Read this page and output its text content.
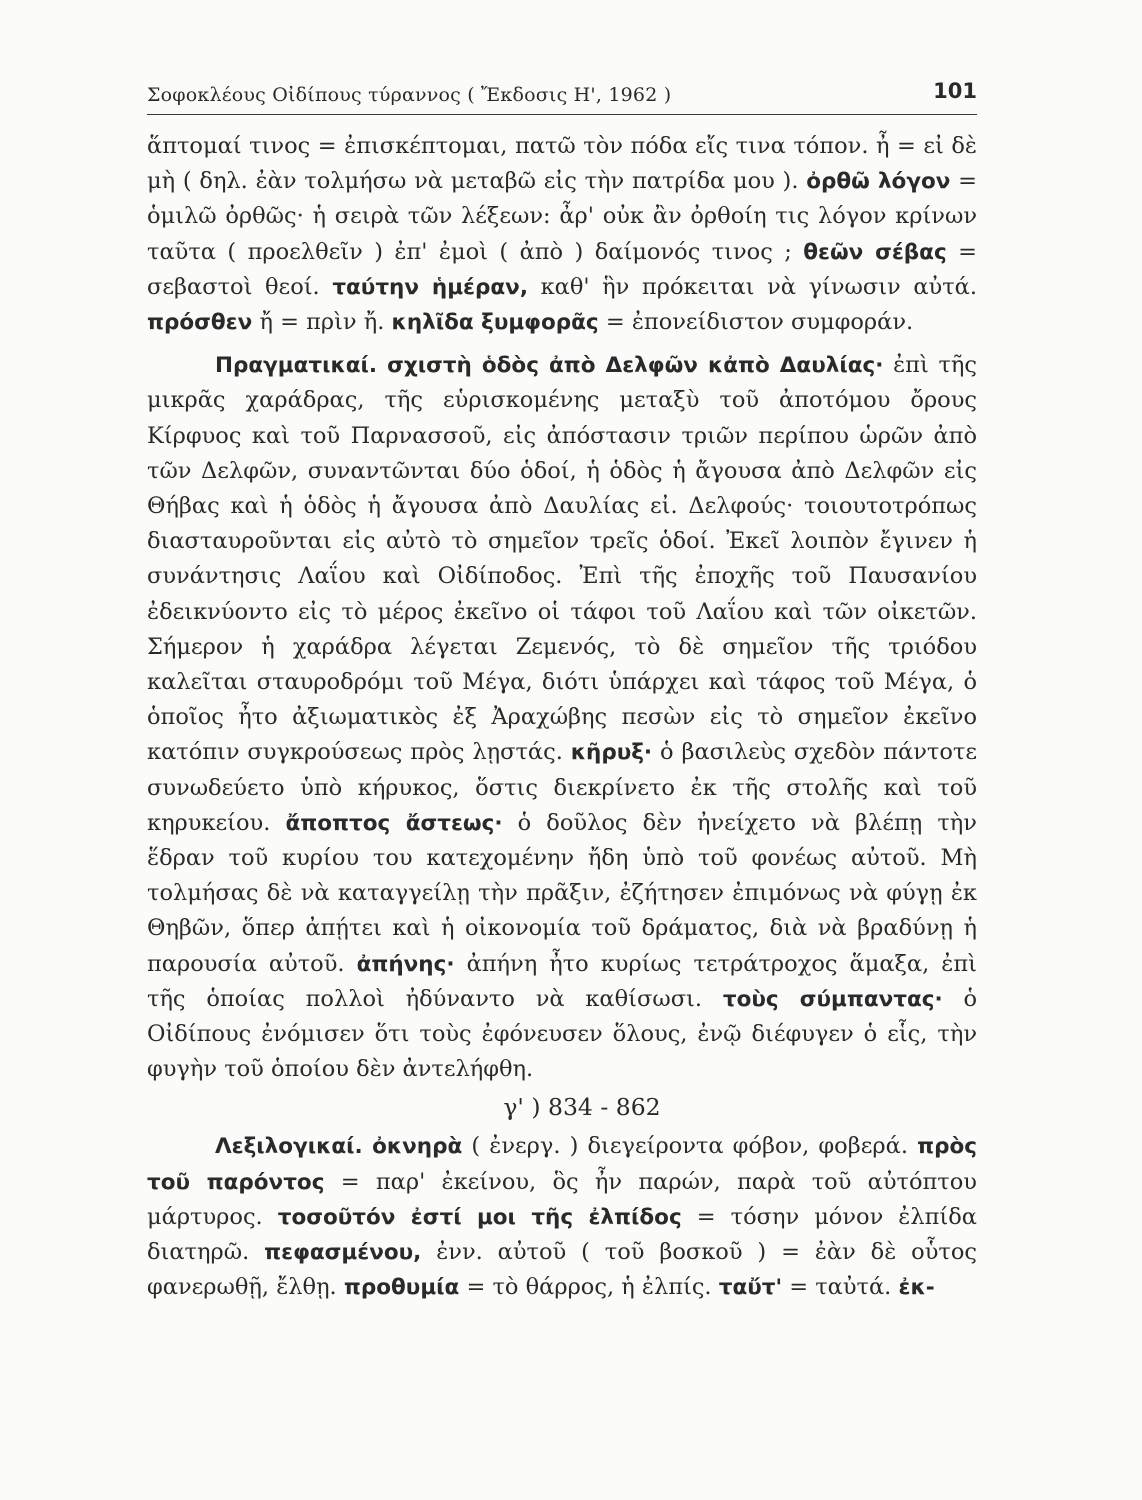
Σοφοκλέους Οἰδίπους τύραννος ( Ἔκδοσις Η', 1962 )	101

ἅπτομαί τινος = ἐπισκέπτομαι, πατῶ τὸν πόδα εἴς τινα τόπον. ἦ = εἰ δὲ μὴ ( δηλ. ἐὰν τολμήσω νὰ μεταβῶ εἰς τὴν πατρίδα μου ). ὀρθῶ λόγον = ὁμιλῶ ὀρθῶς· ἡ σειρὰ τῶν λέξεων: ἆρ' οὐκ ἂν ὀρθοίη τις λόγον κρίνων ταῦτα ( προελθεῖν ) ἐπ' ἐμοὶ ( ἀπὸ ) δαίμονός τινος ; θεῶν σέβας = σεβαστοὶ θεοί. ταύτην ἡμέραν, καθ' ἣν πρόκειται νὰ γίνωσιν αὐτά. πρόσθεν ἤ = πρὶν ἤ. κηλῖδα ξυμφορᾶς = ἐπονείδιστον συμφοράν.

Πραγματικαί. σχιστὴ ὁδὸς ἀπὸ Δελφῶν κἀπὸ Δαυλίας· ἐπὶ τῆς μικρᾶς χαράδρας, τῆς εὑρισκομένης μεταξὺ τοῦ ἀποτόμου ὄρους Κίρφυος καὶ τοῦ Παρνασσοῦ, εἰς ἀπόστασιν τριῶν περίπου ὡρῶν ἀπὸ τῶν Δελφῶν, συναντῶνται δύο ὁδοί, ἡ ὁδὸς ἡ ἄγουσα ἀπὸ Δελφῶν εἰς Θήβας καὶ ἡ ὁδὸς ἡ ἄγουσα ἀπὸ Δαυλίας εἰ. Δελφούς· τοιουτοτρόπως διασταυροῦνται εἰς αὐτὸ τὸ σημεῖον τρεῖς ὁδοί. Ἐκεῖ λοιπὸν ἔγινεν ἡ συνάντησις Λαΐου καὶ Οἰδίποδος. Ἐπὶ τῆς ἐποχῆς τοῦ Παυσανίου ἐδεικνύοντο εἰς τὸ μέρος ἐκεῖνο οἱ τάφοι τοῦ Λαΐου καὶ τῶν οἰκετῶν. Σήμερον ἡ χαράδρα λέγεται Ζεμενός, τὸ δὲ σημεῖον τῆς τριόδου καλεῖται σταυροδρόμι τοῦ Μέγα, διότι ὑπάρχει καὶ τάφος τοῦ Μέγα, ὁ ὁποῖος ἦτο ἀξιωματικὸς ἐξ Ἀραχώβης πεσὼν εἰς τὸ σημεῖον ἐκεῖνο κατόπιν συγκρούσεως πρὸς λῃστάς. κῆρυξ· ὁ βασιλεὺς σχεδὸν πάντοτε συνωδεύετο ὑπὸ κήρυκος, ὅστις διεκρίνετο ἐκ τῆς στολῆς καὶ τοῦ κηρυκείου. ἄποπτος ἄστεως· ὁ δοῦλος δὲν ἠνείχετο νὰ βλέπῃ τὴν ἕδραν τοῦ κυρίου του κατεχομένην ἤδη ὑπὸ τοῦ φονέως αὐτοῦ. Μὴ τολμήσας δὲ νὰ καταγγείλῃ τὴν πρᾶξιν, ἐζήτησεν ἐπιμόνως νὰ φύγῃ ἐκ Θηβῶν, ὅπερ ἀπῄτει καὶ ἡ οἰκονομία τοῦ δράματος, διὰ νὰ βραδύνῃ ἡ παρουσία αὐτοῦ. ἀπήνης· ἀπήνη ἦτο κυρίως τετράτροχος ἅμαξα, ἐπὶ τῆς ὁποίας πολλοὶ ἠδύναντο νὰ καθίσωσι. τοὺς σύμπαντας· ὁ Οἰδίπους ἐνόμισεν ὅτι τοὺς ἐφόνευσεν ὅλους, ἐνῷ διέφυγεν ὁ εἷς, τὴν φυγὴν τοῦ ὁποίου δὲν ἀντελήφθη.

γ' ) 834 - 862

Λεξιλογικαί. ὀκνηρὰ ( ἐνεργ. ) διεγείροντα φόβον, φοβερά. πρὸς τοῦ παρόντος = παρ' ἐκείνου, ὃς ἦν παρών, παρὰ τοῦ αὐτόπτου μάρτυρος. τοσοῦτόν ἐστί μοι τῆς ἐλπίδος = τόσην μόνον ἐλπίδα διατηρῶ. πεφασμένου, ἐνν. αὐτοῦ ( τοῦ βοσκοῦ ) = ἐὰν δὲ οὗτος φανερωθῇ, ἔλθῃ. προθυμία = τὸ θάρρος, ἡ ἐλπίς. ταὔτ' = ταὐτά. ἐκ-
